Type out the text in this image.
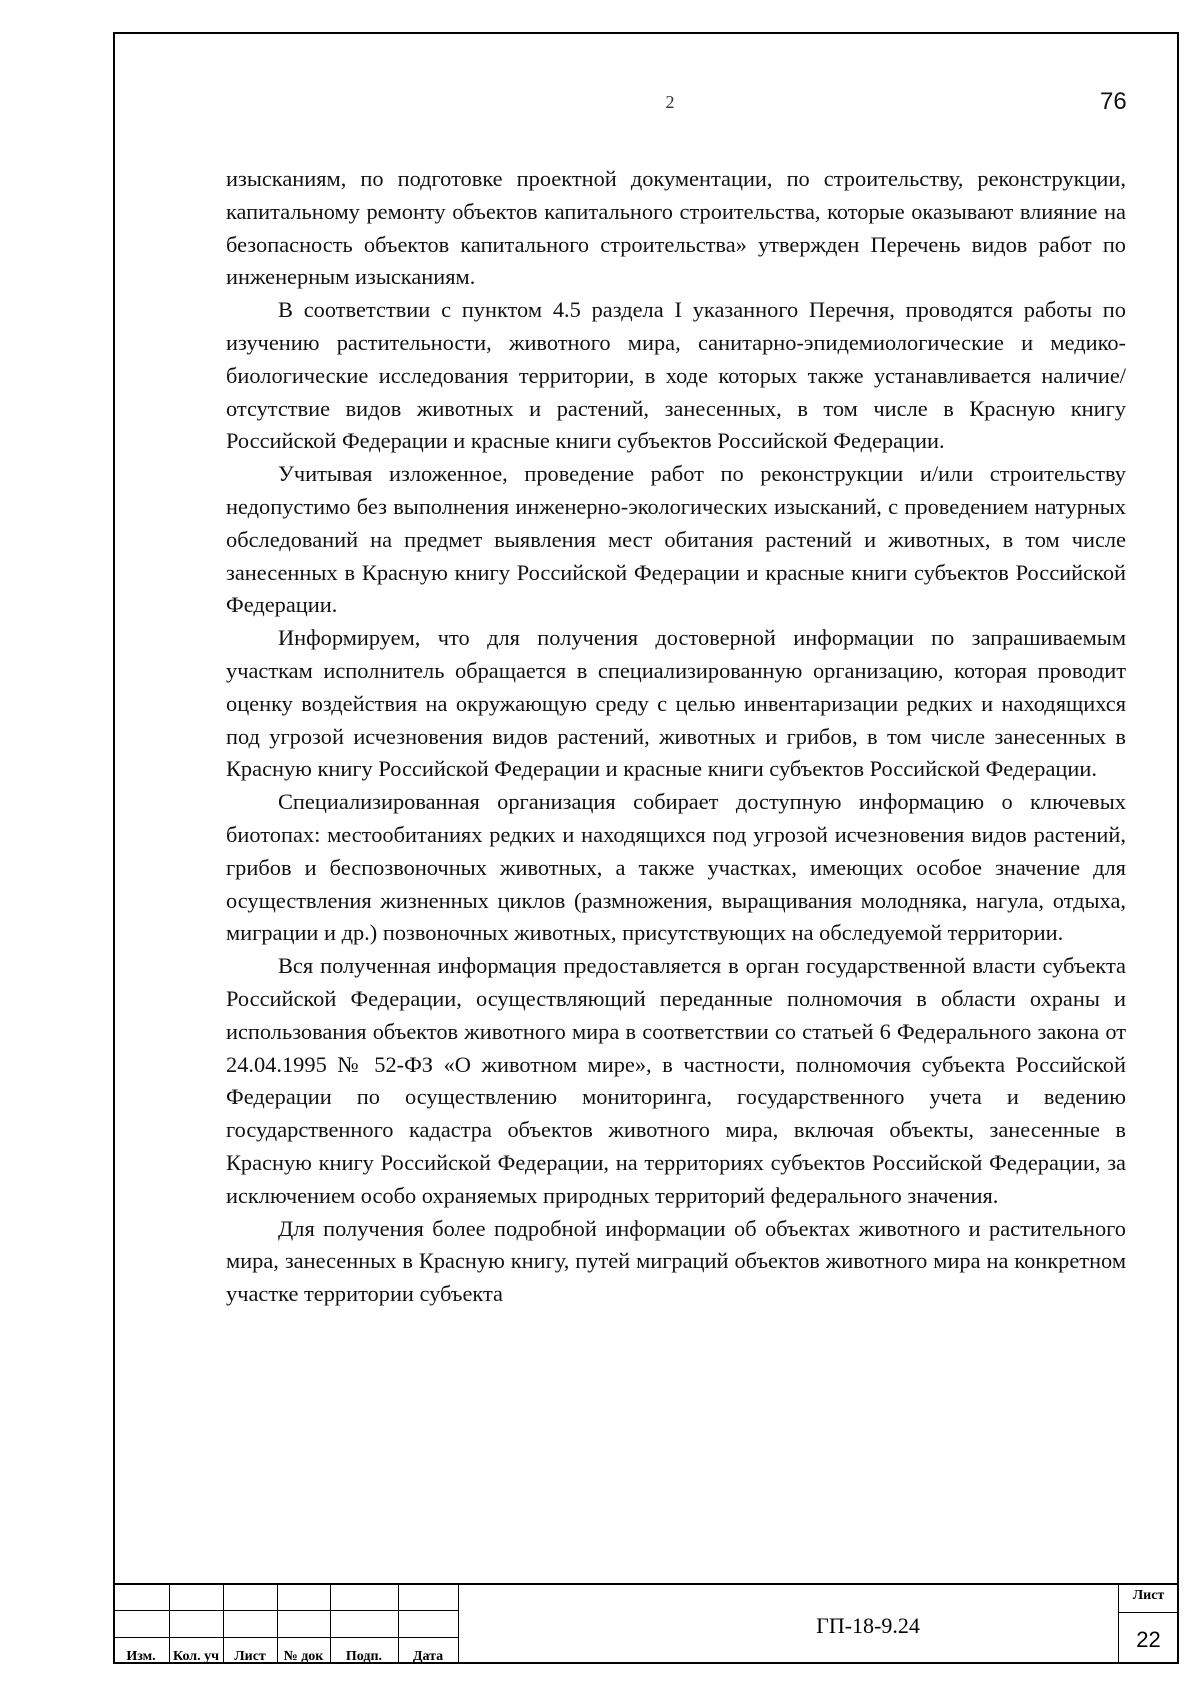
2	76

изысканиям, по подготовке проектной документации, по строительству, реконструкции, капитальному ремонту объектов капитального строительства, которые оказывают влияние на безопасность объектов капитального строительства» утвержден Перечень видов работ по инженерным изысканиям.

В соответствии с пунктом 4.5 раздела I указанного Перечня, проводятся работы по изучению растительности, животного мира, санитарно-эпидемиологические и медико-биологические исследования территории, в ходе которых также устанавливается наличие/отсутствие видов животных и растений, занесенных, в том числе в Красную книгу Российской Федерации и красные книги субъектов Российской Федерации.

Учитывая изложенное, проведение работ по реконструкции и/или строительству недопустимо без выполнения инженерно-экологических изысканий, с проведением натурных обследований на предмет выявления мест обитания растений и животных, в том числе занесенных в Красную книгу Российской Федерации и красные книги субъектов Российской Федерации.

Информируем, что для получения достоверной информации по запрашиваемым участкам исполнитель обращается в специализированную организацию, которая проводит оценку воздействия на окружающую среду с целью инвентаризации редких и находящихся под угрозой исчезновения видов растений, животных и грибов, в том числе занесенных в Красную книгу Российской Федерации и красные книги субъектов Российской Федерации.

Специализированная организация собирает доступную информацию о ключевых биотопах: местообитаниях редких и находящихся под угрозой исчезновения видов растений, грибов и беспозвоночных животных, а также участках, имеющих особое значение для осуществления жизненных циклов (размножения, выращивания молодняка, нагула, отдыха, миграции и др.) позвоночных животных, присутствующих на обследуемой территории.

Вся полученная информация предоставляется в орган государственной власти субъекта Российской Федерации, осуществляющий переданные полномочия в области охраны и использования объектов животного мира в соответствии со статьей 6 Федерального закона от 24.04.1995 № 52-ФЗ «О животном мире», в частности, полномочия субъекта Российской Федерации по осуществлению мониторинга, государственного учета и ведению государственного кадастра объектов животного мира, включая объекты, занесенные в Красную книгу Российской Федерации, на территориях субъектов Российской Федерации, за исключением особо охраняемых природных территорий федерального значения.

Для получения более подробной информации об объектах животного и растительного мира, занесенных в Красную книгу, путей миграций объектов животного мира на конкретном участке территории субъекта

Изм.	Кол. уч	Лист	№ док	Подп.	Дата
ГП-18-9.24
Лист
22
